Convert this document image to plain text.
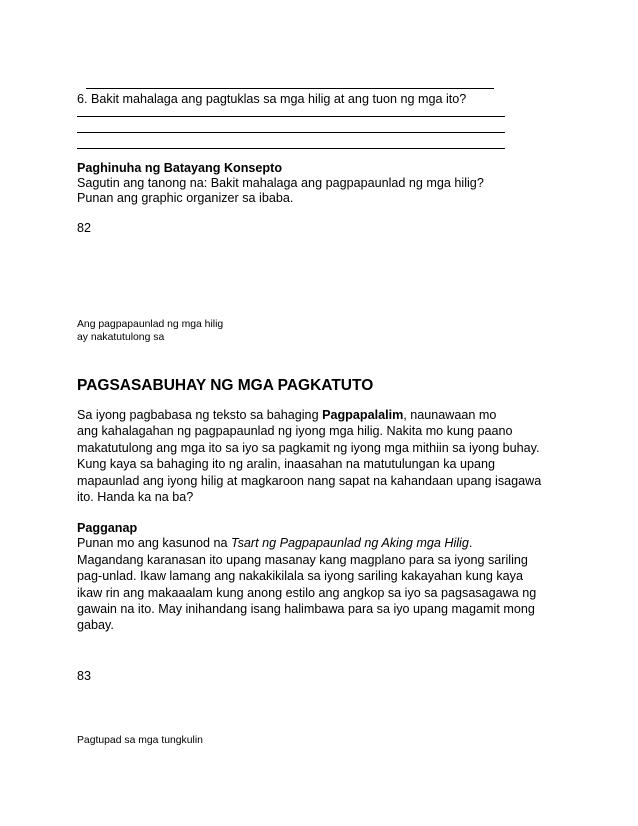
6. Bakit mahalaga ang pagtuklas sa mga hilig at ang tuon ng mga ito?
Paghinuha ng Batayang Konsepto
Sagutin ang tanong na: Bakit mahalaga ang pagpapaunlad ng mga hilig?
Punan ang graphic organizer sa ibaba.
82
Ang pagpapaunlad ng mga hilig
ay nakatutulong sa
PAGSASABUHAY NG MGA PAGKATUTO
Sa iyong pagbabasa ng teksto sa bahaging Pagpapalalim, naunawaan mo
ang kahalagahan ng pagpapaunlad ng iyong mga hilig. Nakita mo kung paano
makatutulong ang mga ito sa iyo sa pagkamit ng iyong mga mithiin sa iyong buhay.
Kung kaya sa bahaging ito ng aralin, inaasahan na matutulungan ka upang
mapaunlad ang iyong hilig at magkaroon nang sapat na kahandaan upang isagawa
ito. Handa ka na ba?
Pagganap
Punan mo ang kasunod na Tsart ng Pagpapaunlad ng Aking mga Hilig.
Magandang karanasan ito upang masanay kang magplano para sa iyong sariling
pag-unlad. Ikaw lamang ang nakakikilala sa iyong sariling kakayahan kung kaya
ikaw rin ang makaaalam kung anong estilo ang angkop sa iyo sa pagsasagawa ng
gawain na ito. May inihandang isang halimbawa para sa iyo upang magamit mong
gabay.
83
Pagtupad sa mga tungkulin
